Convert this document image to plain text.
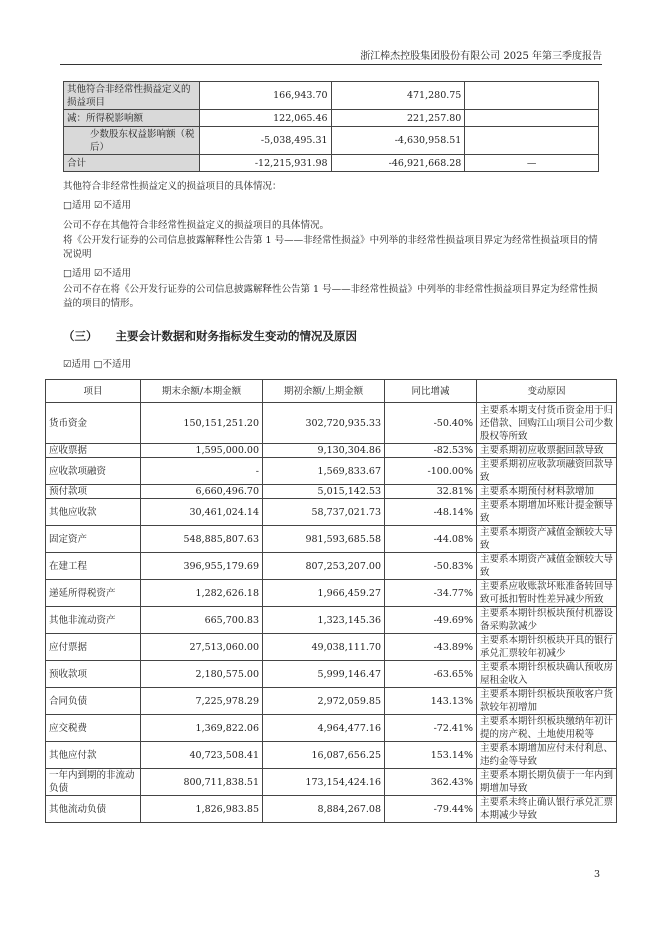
浙江棒杰控股集团股份有限公司 2025 年第三季度报告
其他符合非经常性损益定义的损益项目	166,943.70	471,280.75	
减：所得税影响额	122,065.46	221,257.80	
少数股东权益影响额（税后）	-5,038,495.31	-4,630,958.51	
合计	-12,215,931.98	-46,921,668.28	—
其他符合非经常性损益定义的损益项目的具体情况：
□适用 ☑不适用
公司不存在其他符合非经常性损益定义的损益项目的具体情况。
将《公开发行证券的公司信息披露解释性公告第 1 号——非经常性损益》中列举的非经常性损益项目界定为经常性损益项目的情况说明
□适用 ☑不适用
公司不存在将《公开发行证券的公司信息披露解释性公告第 1 号——非经常性损益》中列举的非经常性损益项目界定为经常性损益的项目的情形。
（三） 主要会计数据和财务指标发生变动的情况及原因
☑适用 □不适用
项目	期末余额/本期金额	期初余额/上期金额	同比增减	变动原因
货币资金	150,151,251.20	302,720,935.33	-50.40%	主要系本期支付货币资金用于归还借款、回购江山项目公司少数股权等所致
应收票据	1,595,000.00	9,130,304.86	-82.53%	主要系期初应收票据回款导致
应收款项融资	-	1,569,833.67	-100.00%	主要系期初应收款项融资回款导致
预付款项	6,660,496.70	5,015,142.53	32.81%	主要系本期预付材料款增加
其他应收款	30,461,024.14	58,737,021.73	-48.14%	主要系本期增加坏账计提金额导致
固定资产	548,885,807.63	981,593,685.58	-44.08%	主要系本期资产减值金额较大导致
在建工程	396,955,179.69	807,253,207.00	-50.83%	主要系本期资产减值金额较大导致
递延所得税资产	1,282,626.18	1,966,459.27	-34.77%	主要系应收账款坏账准备转回导致可抵扣暂时性差异减少所致
其他非流动资产	665,700.83	1,323,145.36	-49.69%	主要系本期针织板块预付机器设备采购款减少
应付票据	27,513,060.00	49,038,111.70	-43.89%	主要系本期针织板块开具的银行承兑汇票较年初减少
预收款项	2,180,575.00	5,999,146.47	-63.65%	主要系本期针织板块确认预收房屋租金收入
合同负债	7,225,978.29	2,972,059.85	143.13%	主要系本期针织板块预收客户货款较年初增加
应交税费	1,369,822.06	4,964,477.16	-72.41%	主要系本期针织板块缴纳年初计提的房产税、土地使用税等
其他应付款	40,723,508.41	16,087,656.25	153.14%	主要系本期增加应付未付利息、违约金等导致
一年内到期的非流动负债	800,711,838.51	173,154,424.16	362.43%	主要系本期长期负债于一年内到期增加导致
其他流动负债	1,826,983.85	8,884,267.08	-79.44%	主要系未终止确认银行承兑汇票本期减少导致
3
